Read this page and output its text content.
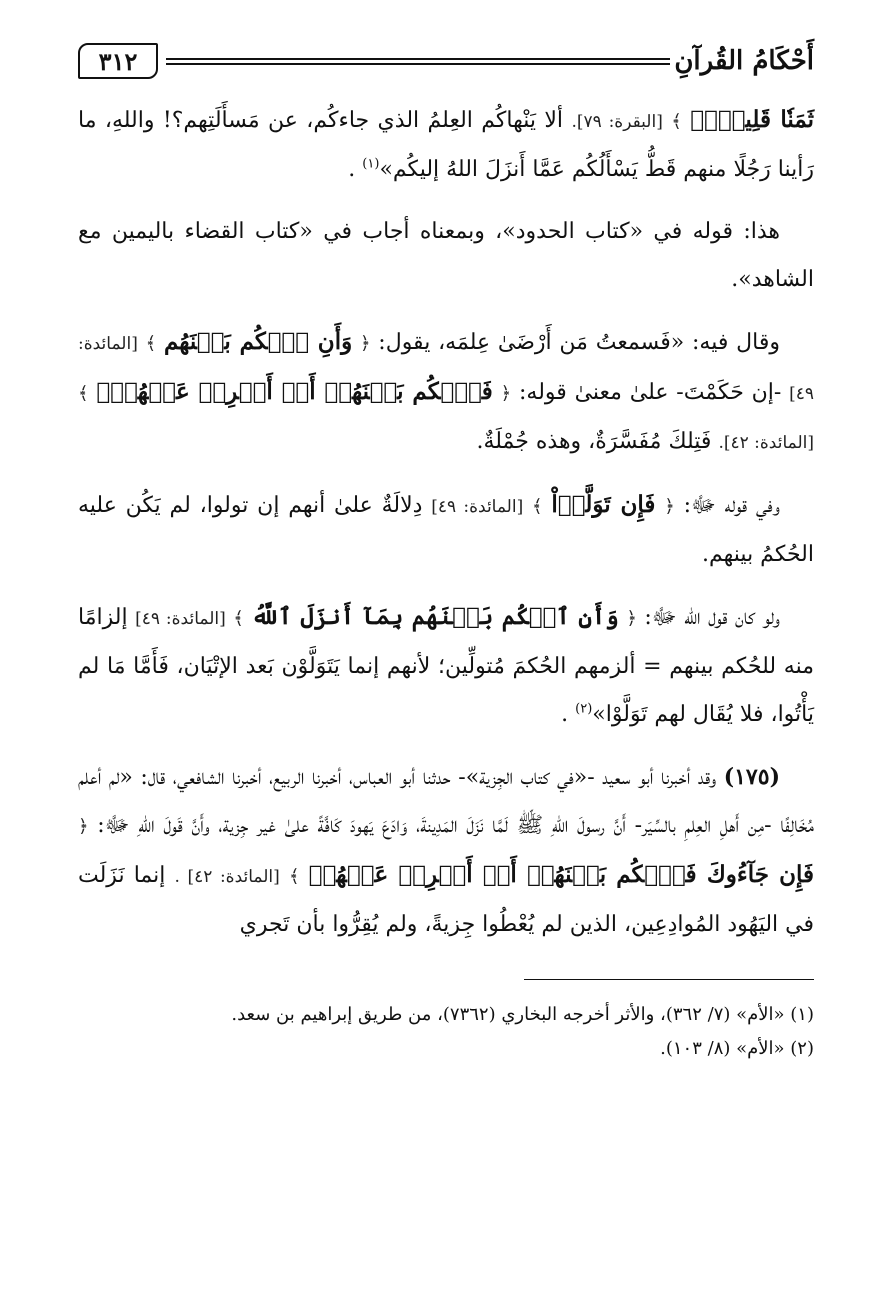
أَحْكَامُ القُرآنِ
٣١٢

ثَمَنٗا قَلِيلٗاۖ ﴾ [البقرة: ٧٩]. ألا يَنْهاكُم العِلمُ الذي جاءكُم، عن مَسأَلَتِهم؟! واللهِ، ما رَأينا رَجُلًا منهم قَطُّ يَسْأَلُكُم عَمَّا أَنزَلَ اللهُ إليكُم»$^{(١)}$ .

هذا: قوله في «كتاب الحدود»، وبمعناه أجاب في «كتاب القضاء باليمين مع الشاهد».

وقال فيه: «فَسمعتُ مَن أَرْضَىٰ عِلمَه، يقول: ﴿ وَأَنِ ٱحۡكُم بَيۡنَهُم ﴾ [المائدة: ٤٩] -إن حَكَمْتَ- علىٰ معنىٰ قوله: ﴿ فَٱحۡكُم بَيۡنَهُمۡ أَوۡ أَعۡرِضۡ عَنۡهُمۡۖ ﴾ [المائدة: ٤٢]. فَتِلكَ مُفَسَّرَةٌ، وهذه جُمْلَةٌ.

وفي قوله ﷻ: ﴿ فَإِن تَوَلَّوۡاْ ﴾ [المائدة: ٤٩] دِلالَةٌ علىٰ أنهم إن تولوا، لم يَكُن عليه الحُكمُ بينهم.

ولو كان قول الله ﷻ: ﴿ وَأَنِ ٱحۡكُم بَيۡنَهُم بِمَآ أَنزَلَ ٱللَّهُ ﴾ [المائدة: ٤٩] إلزامًا منه للحُكم بينهم = ألزمهم الحُكمَ مُتولِّين؛ لأنهم إنما يَتَوَلَّوْن بَعد الإتْيَان، فَأَمَّا مَا لم يَأْتُوا، فلا يُقَال لهم تَوَلَّوْا»$^{(٢)}$ .

(١٧٥) وقد أخبرنا أبو سعيد -«في كتاب الجِزية»- حدثنا أبو العباس، أخبرنا الربيع، أخبرنا الشافعي، قال: «لم أعلم مُخَالِفًا -مِن أَهلِ العِلمِ بالسِّيَر- أَنَّ رسولَ اللهِ ﷺ لَمَّا نَزَلَ المَدِينةَ، وَادَعَ يَهودَ كَافَّةً علىٰ غير جِزية، وأَنَّ قَولَ اللهِ ﷻ: ﴿ فَإِن جَآءُوكَ فَٱحۡكُم بَيۡنَهُمۡ أَوۡ أَعۡرِضۡ عَنۡهُمۡ ﴾ [المائدة: ٤٢] . إنما نَزَلَت في اليَهُود المُوادِعِين، الذين لم يُعْطُوا جِزيةً، ولم يُقِرُّوا بأن تَجري

(١) «الأم» (٧/ ٣٦٢)، والأثر أخرجه البخاري (٧٣٦٢)، من طريق إبراهيم بن سعد.

(٢) «الأم» (٨/ ١٠٣).
